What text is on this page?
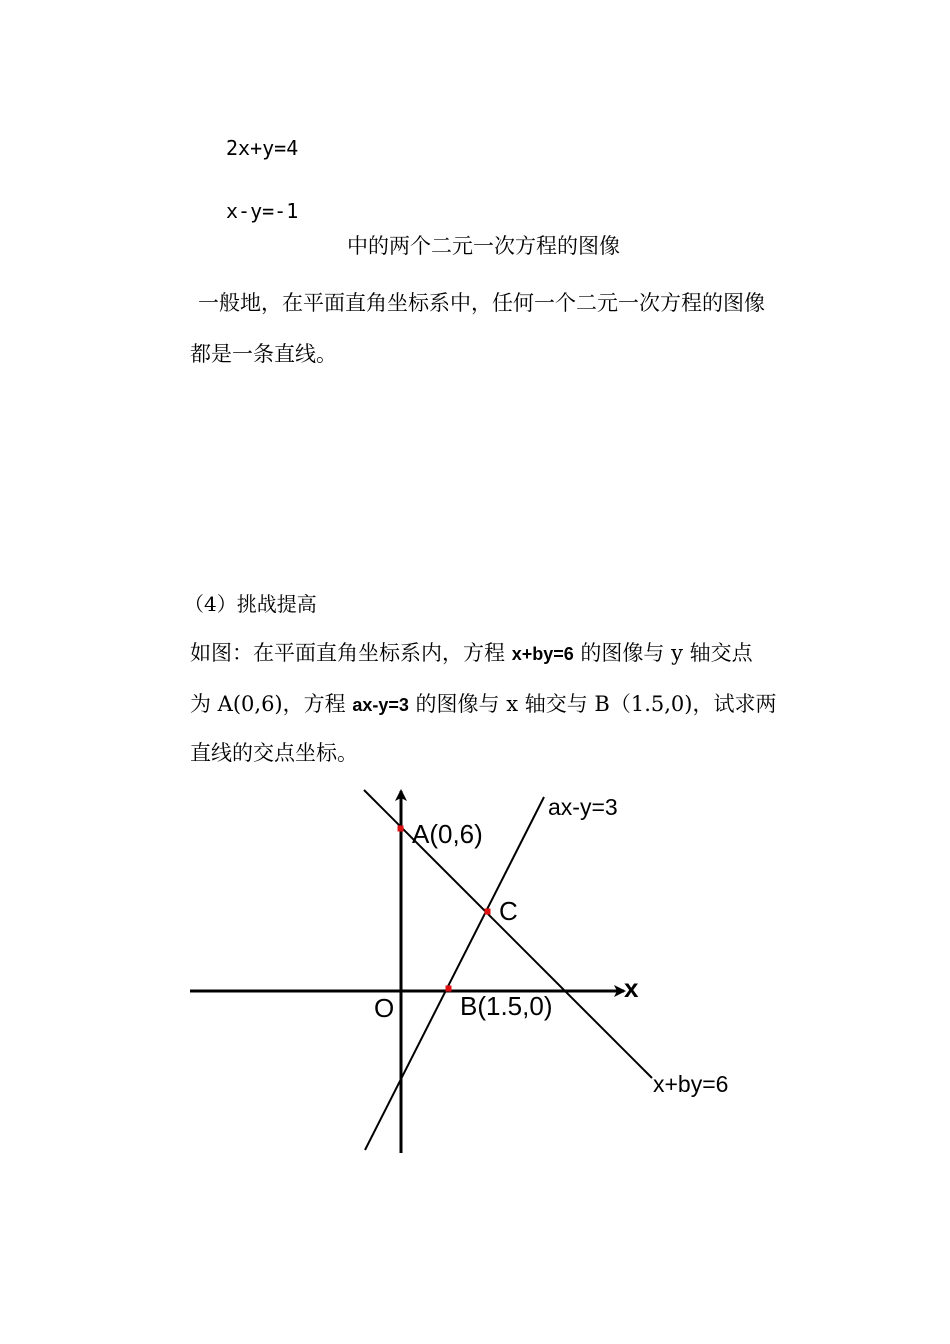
2x+y=4
x-y=-1
中的两个二元一次方程的图像
一般地，在平面直角坐标系中，任何一个二元一次方程的图像
都是一条直线。
（4）挑战提高
如图：在平面直角坐标系内，方程 x+by=6 的图像与 y 轴交点
为 A(0,6)，方程 ax-y=3 的图像与 x 轴交与 B（1.5,0)，试求两
直线的交点坐标。
A(0,6)
C
O	B(1.5,0)
x
ax-y=3
x+by=6
